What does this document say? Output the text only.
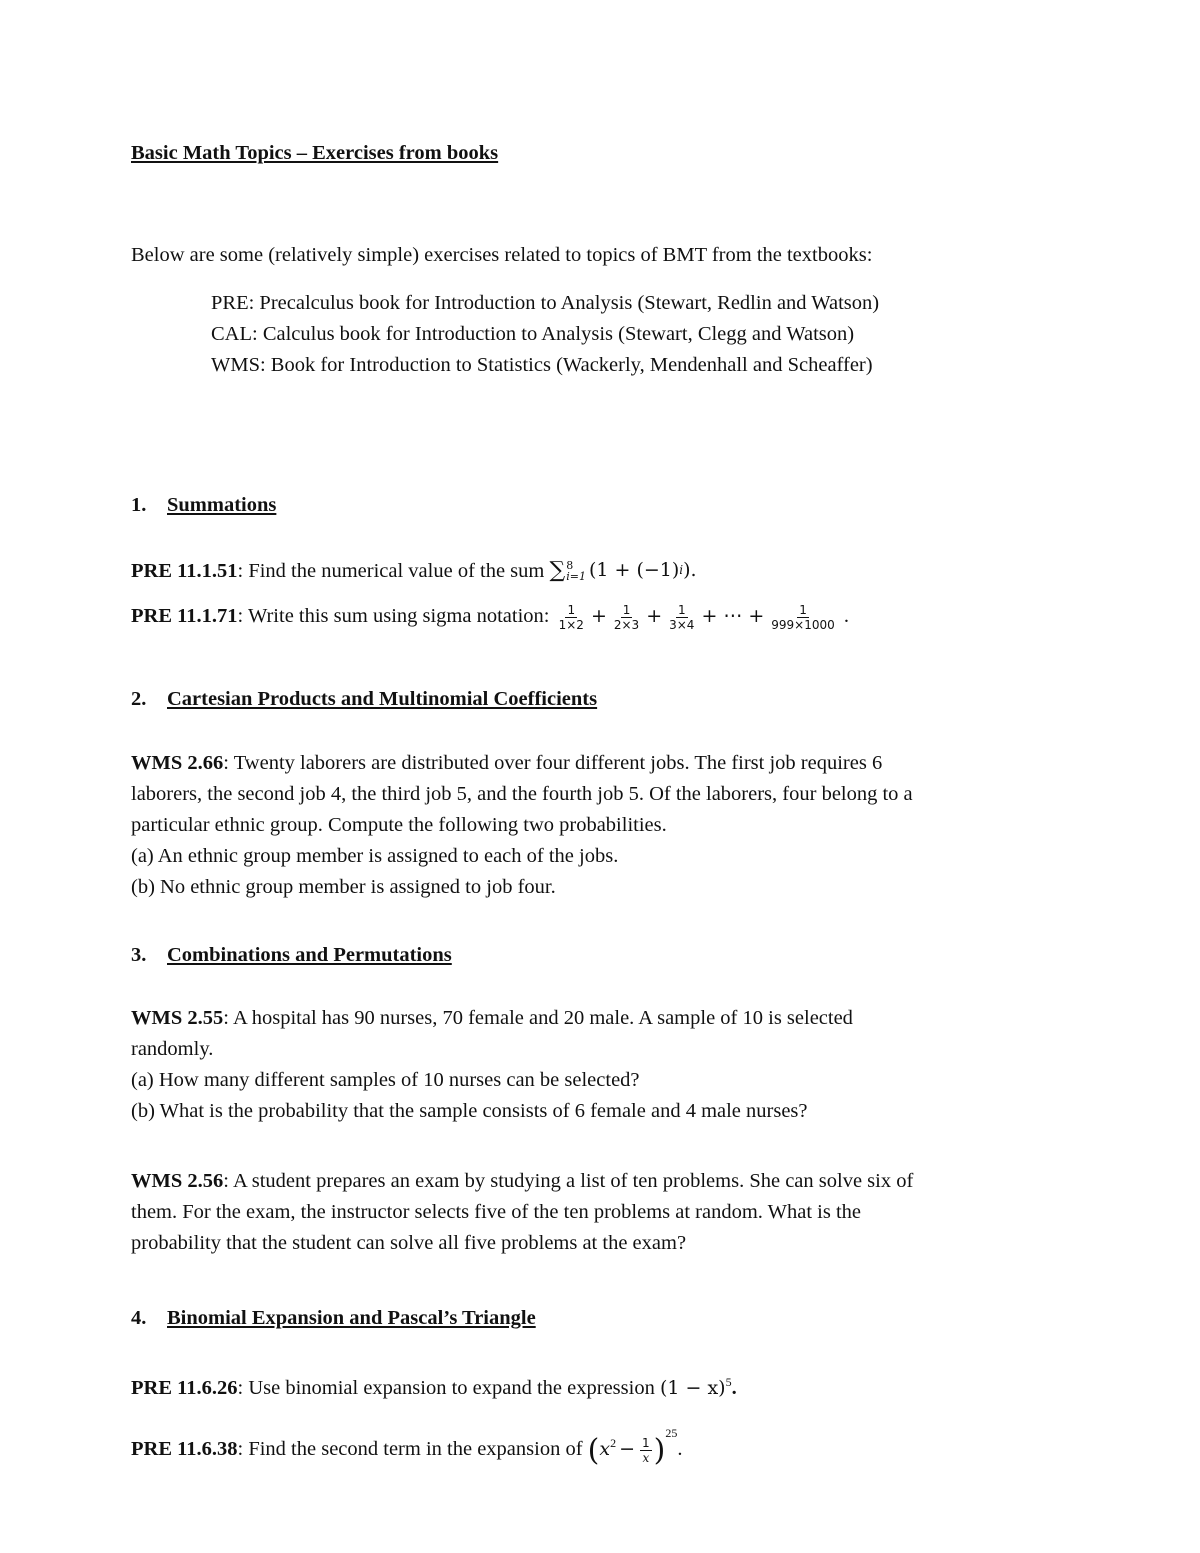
Basic Math Topics – Exercises from books
Below are some (relatively simple) exercises related to topics of BMT from the textbooks:
PRE: Precalculus book for Introduction to Analysis (Stewart, Redlin and Watson)
CAL: Calculus book for Introduction to Analysis (Stewart, Clegg and Watson)
WMS: Book for Introduction to Statistics (Wackerly, Mendenhall and Scheaffer)
1. Summations
PRE 11.1.51: Find the numerical value of the sum ∑ 8
i=1 ( 1 + (−1) i ).
PRE 11.1.71: Write this sum using sigma notation: $\frac{1}{1\times 2} + \frac{1}{2\times 3} + \frac{1}{3\times 4}$ + ⋯ + $\frac{1}{999\times 1000}$ .
2. Cartesian Products and Multinomial Coefficients
WMS 2.66: Twenty laborers are distributed over four different jobs. The first job requires 6
laborers, the second job 4, the third job 5, and the fourth job 5. Of the laborers, four belong to a
particular ethnic group. Compute the following two probabilities.
(a) An ethnic group member is assigned to each of the jobs.
(b) No ethnic group member is assigned to job four.
3. Combinations and Permutations
WMS 2.55: A hospital has 90 nurses, 70 female and 20 male. A sample of 10 is selected
randomly.
(a) How many different samples of 10 nurses can be selected?
(b) What is the probability that the sample consists of 6 female and 4 male nurses?
WMS 2.56: A student prepares an exam by studying a list of ten problems. She can solve six of
them. For the exam, the instructor selects five of the ten problems at random. What is the
probability that the student can solve all five problems at the exam?
4. Binomial Expansion and Pascal’s Triangle
PRE 11.6.26: Use binomial expansion to expand the expression $(1 - x)^5$.
PRE 11.6.38: Find the second term in the expansion of $(x^2 - \frac{1}{x} )^{25}$.
